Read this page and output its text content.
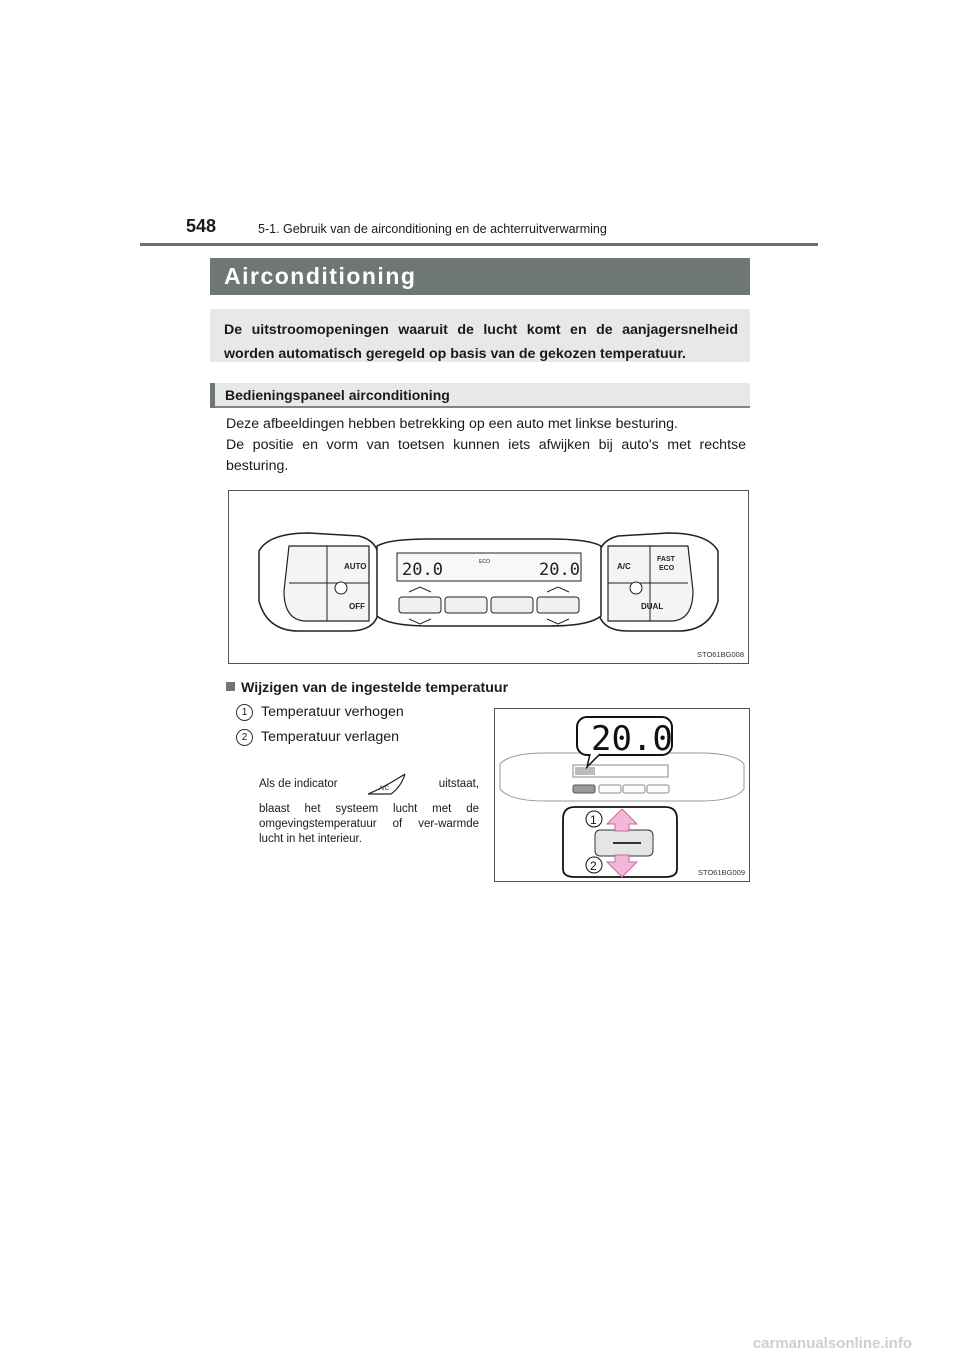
548	5-1. Gebruik van de airconditioning en de achterruitverwarming
Airconditioning

De uitstroomopeningen waaruit de lucht komt en de aanjagersnelheid worden automatisch geregeld op basis van de gekozen temperatuur.

Bedieningspaneel airconditioning
Deze afbeeldingen hebben betrekking op een auto met linkse besturing.
De positie en vorm van toetsen kunnen iets afwijken bij auto's met rechtse
besturing.
AUTO
OFF
A/C
FAST
ECO
DUAL
20.0	20.0
ECO
STO61BG008
Wijzigen van de ingestelde temperatuur
1 Temperatuur verhogen
2 Temperatuur verlagen
Als de indicator	A/C	uitstaat,
blaast het systeem lucht met de omgevingstemperatuur of ver-warmde lucht in het interieur.
20.0
1
2	STO61BG009
carmanualsonline.info
